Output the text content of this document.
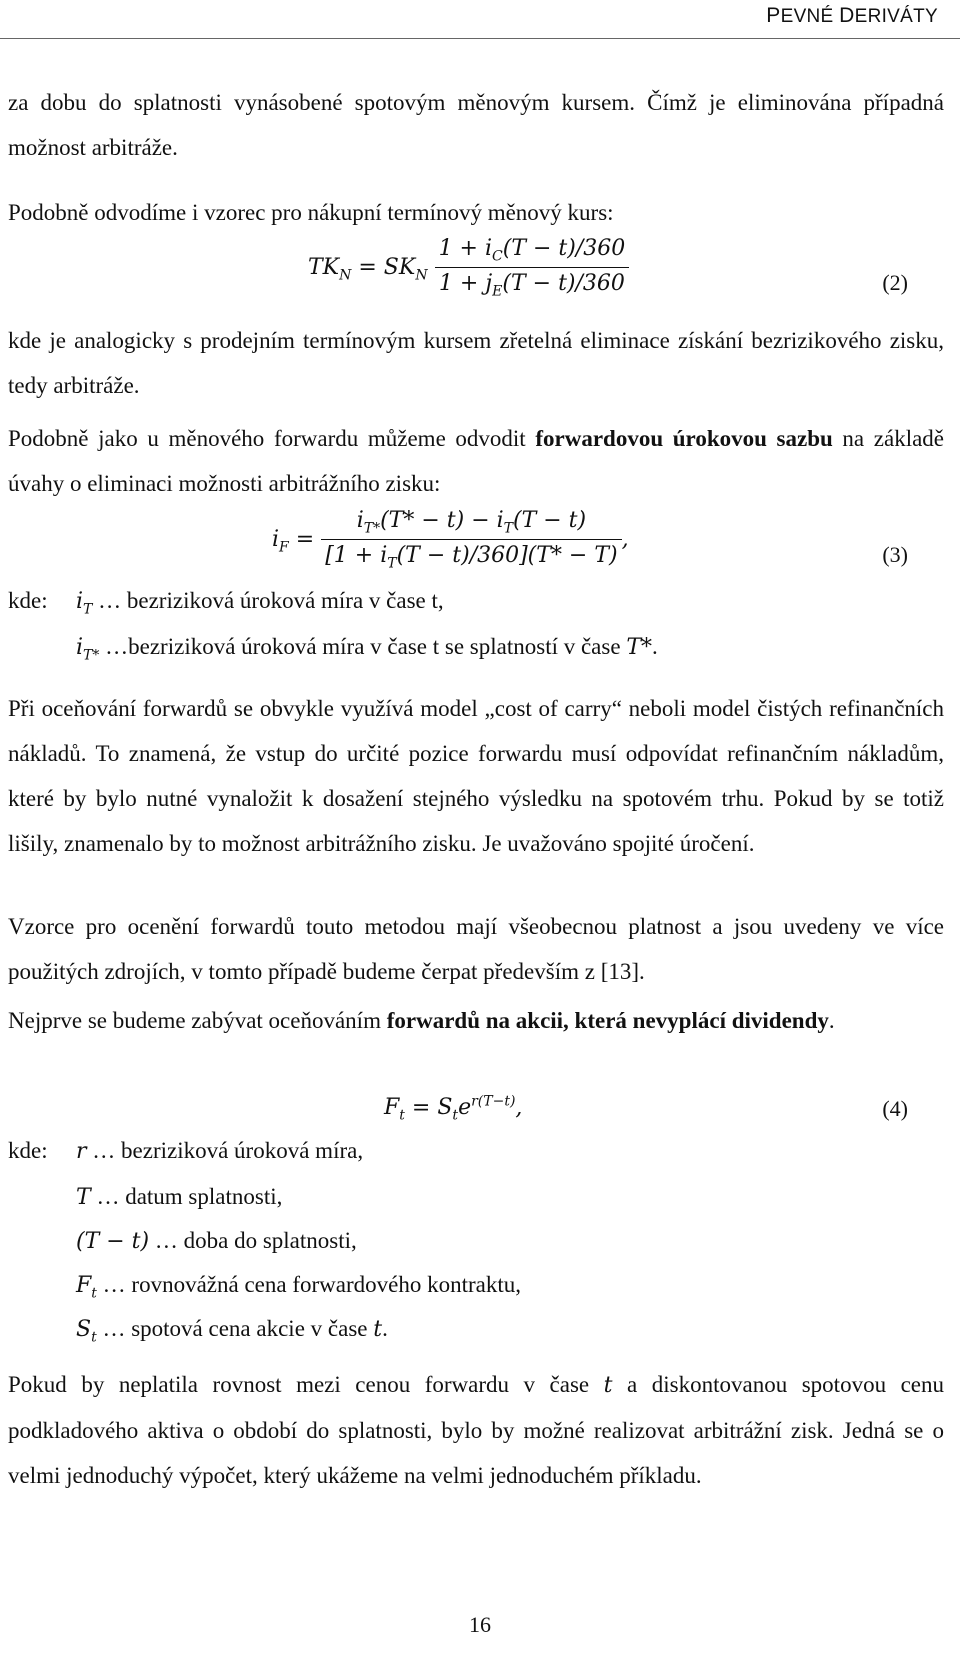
PEVNÉ DERIVÁTY

za dobu do splatnosti vynásobené spotovým měnovým kursem. Čímž je eliminována případná možnost arbitráže.

Podobně odvodíme i vzorec pro nákupní termínový měnový kurs:

$TK_N = SK_N \frac{1 + i_C(T - t)/360}{1 + j_E(T - t)/360}$	(2)

kde je analogicky s prodejním termínovým kursem zřetelná eliminace získání bezrizikového zisku, tedy arbitráže.

Podobně jako u měnového forwardu můžeme odvodit forwardovou úrokovou sazbu na základě úvahy o eliminaci možnosti arbitrážního zisku:

$i_F = \frac{i_{T*}(T* - t) - i_T(T - t)}{[1 + i_T(T - t)/360](T* - T)}$ ,
(3)
kde: $i_T$ … bezriziková úroková míra v čase t,
$i_{T*}$ …bezriziková úroková míra v čase t se splatností v čase T*.

Při oceňování forwardů se obvykle využívá model „cost of carry“ neboli model čistých refinančních nákladů. To znamená, že vstup do určité pozice forwardu musí odpovídat refinančním nákladům, které by bylo nutné vynaložit k dosažení stejného výsledku na spotovém trhu. Pokud by se totiž lišily, znamenalo by to možnost arbitrážního zisku. Je uvažováno spojité úročení.

Vzorce pro ocenění forwardů touto metodou mají všeobecnou platnost a jsou uvedeny ve více použitých zdrojích, v tomto případě budeme čerpat především z [13].

Nejprve se budeme zabývat oceňováním forwardů na akcii, která nevyplácí dividendy.

$F_t = S_te^{r(T-t)}$,	(4)
kde: r … bezriziková úroková míra,
T … datum splatnosti,
(T − t) … doba do splatnosti,
$F_t$ … rovnovážná cena forwardového kontraktu,
$S_t$ … spotová cena akcie v čase t.

Pokud by neplatila rovnost mezi cenou forwardu v čase t a diskontovanou spotovou cenu podkladového aktiva o období do splatnosti, bylo by možné realizovat arbitrážní zisk. Jedná se o velmi jednoduchý výpočet, který ukážeme na velmi jednoduchém příkladu.

16
